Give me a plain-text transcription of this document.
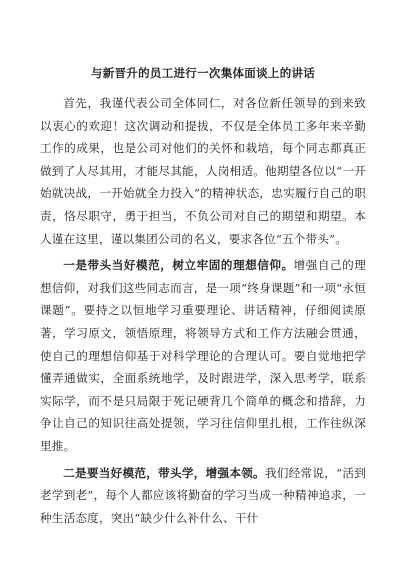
与新晋升的员工进行一次集体面谈上的讲话

首先，我谨代表公司全体同仁，对各位新任领导的到来致以衷心的欢迎！这次调动和提拔，不仅是全体员工多年来辛勤工作的成果，也是公司对他们的关怀和栽培，每个同志都真正做到了人尽其用，才能尽其能，人岗相适。他期望各位以“一开始就决战，一开始就全力投入”的精神状态，忠实履行自己的职责，恪尽职守，勇于担当，不负公司对自己的期望和期望。本人谨在这里，谨以集团公司的名义，要求各位“五个带头”。

一是带头当好模范，树立牢固的理想信仰。增强自己的理想信仰，对我们这些同志而言，是一项“终身课题”和一项“永恒课题”。要持之以恒地学习重要理论、讲话精神，仔细阅读原著，学习原文，领悟原理，将领导方式和工作方法融会贯通，使自己的理想信仰基于对科学理论的合理认可。要自觉地把学懂弄通做实，全面系统地学，及时跟进学，深入思考学，联系实际学，而不是只局限于死记硬背几个简单的概念和措辞，力争让自己的知识往高处提领，学习往信仰里扎根，工作往纵深里推。

二是要当好模范，带头学，增强本领。我们经常说，“活到老学到老”，每个人都应该将勤奋的学习当成一种精神追求，一种生活态度，突出“缺少什么补什么、干什
